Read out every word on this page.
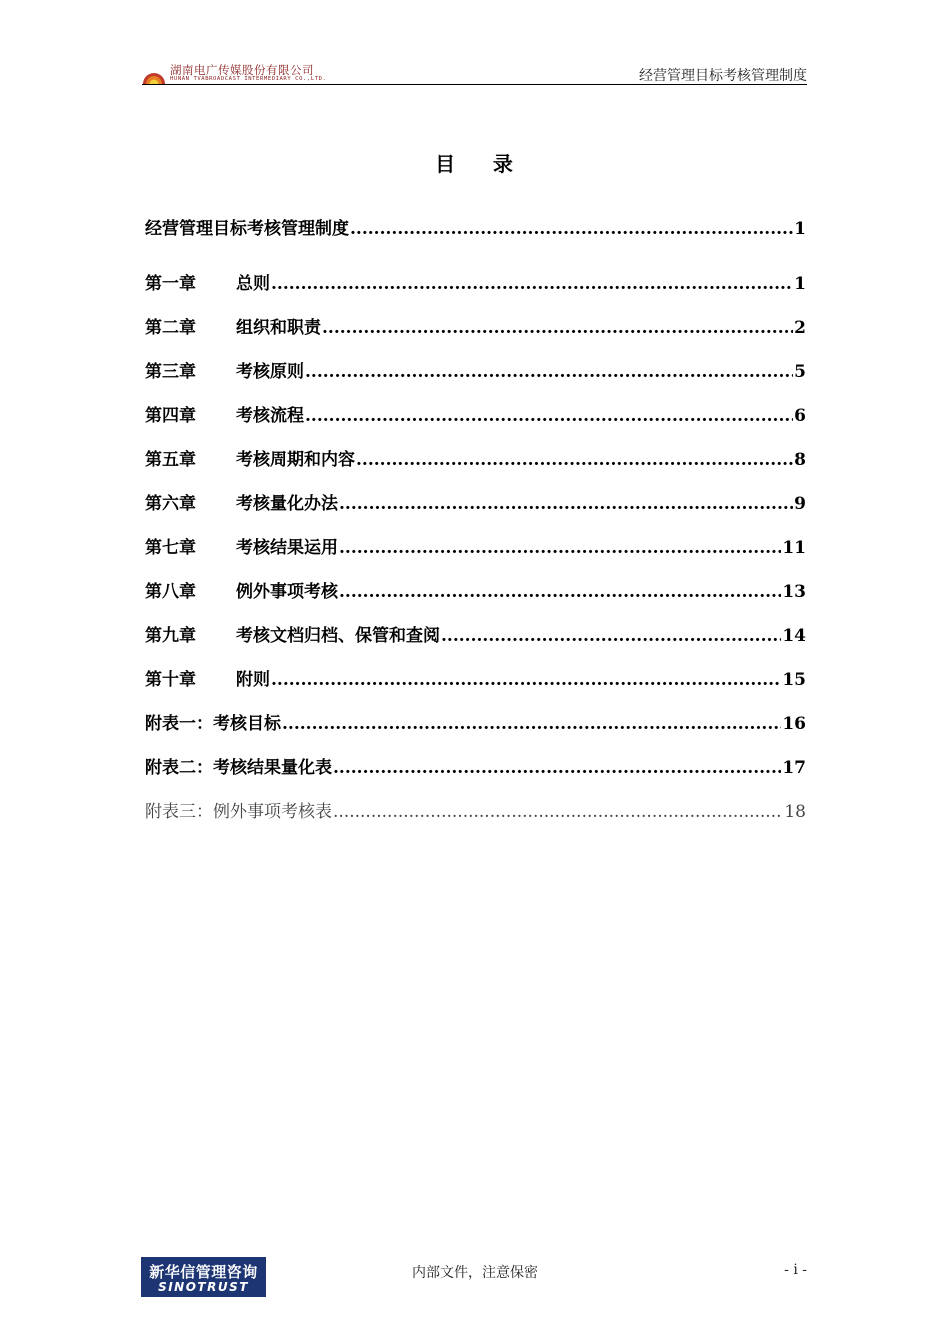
湖南电广传媒股份有限公司
HUNAN TVABROADCAST INTERMEDIARY CO.,LTD.	经营管理目标考核管理制度
目    录
经营管理目标考核管理制度 .....	1
第一章 总则 .....	1
第二章 组织和职责 .....	2
第三章 考核原则 .....	5
第四章 考核流程 .....	6
第五章 考核周期和内容 .....	8
第六章 考核量化办法 .....	9
第七章 考核结果运用 .....	11
第八章 例外事项考核 .....	13
第九章 考核文档归档、保管和查阅 .....	14
第十章 附则 .....	15
附表一：考核目标 .....	16
附表二：考核结果量化表 .....	17
附表三：例外事项考核表 .....	18
新华信管理咨询
SINOTRUST
内部文件，注意保密	- i -
